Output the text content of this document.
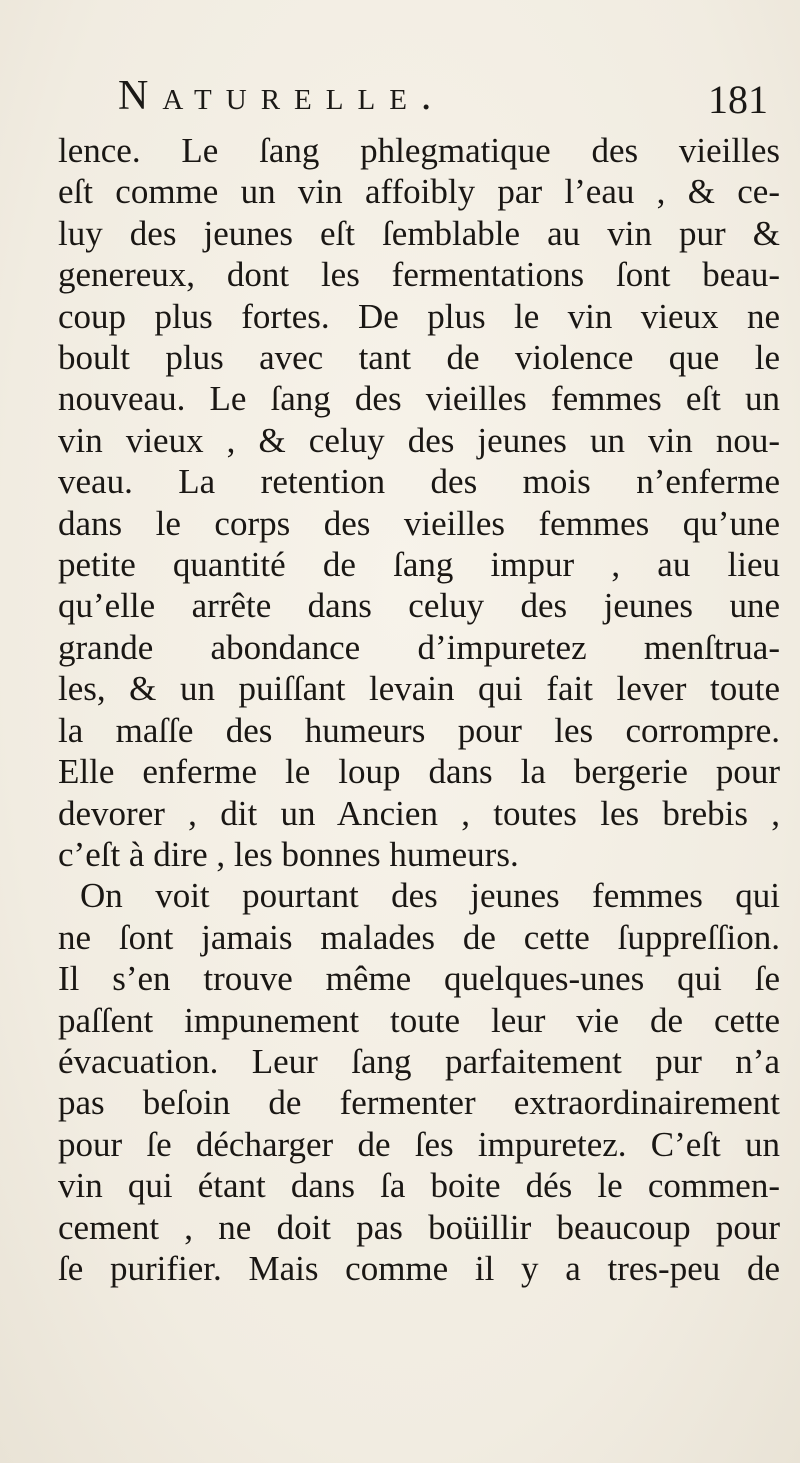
Naturelle.	181
lence. Le ſang phlegmatique des vieilles
eſt comme un vin affoibly par l’eau , & ce-
luy des jeunes eſt ſemblable au vin pur &
genereux, dont les fermentations ſont beau-
coup plus fortes. De plus le vin vieux ne
boult plus avec tant de violence que le
nouveau. Le ſang des vieilles femmes eſt un
vin vieux , & celuy des jeunes un vin nou-
veau. La retention des mois n’enferme
dans le corps des vieilles femmes qu’une
petite quantité de ſang impur , au lieu
qu’elle arrête dans celuy des jeunes une
grande abondance d’impuretez menſtrua-
les, & un puiſſant levain qui fait lever toute
la maſſe des humeurs pour les corrompre.
Elle enferme le loup dans la bergerie pour
devorer , dit un Ancien , toutes les brebis ,
c’eſt à dire , les bonnes humeurs.
On voit pourtant des jeunes femmes qui
ne ſont jamais malades de cette ſuppreſſion.
Il s’en trouve même quelques-unes qui ſe
paſſent impunement toute leur vie de cette
évacuation. Leur ſang parfaitement pur n’a
pas beſoin de fermenter extraordinairement
pour ſe décharger de ſes impuretez. C’eſt un
vin qui étant dans ſa boite dés le commen-
cement , ne doit pas boüillir beaucoup pour
ſe purifier. Mais comme il y a tres-peu de
